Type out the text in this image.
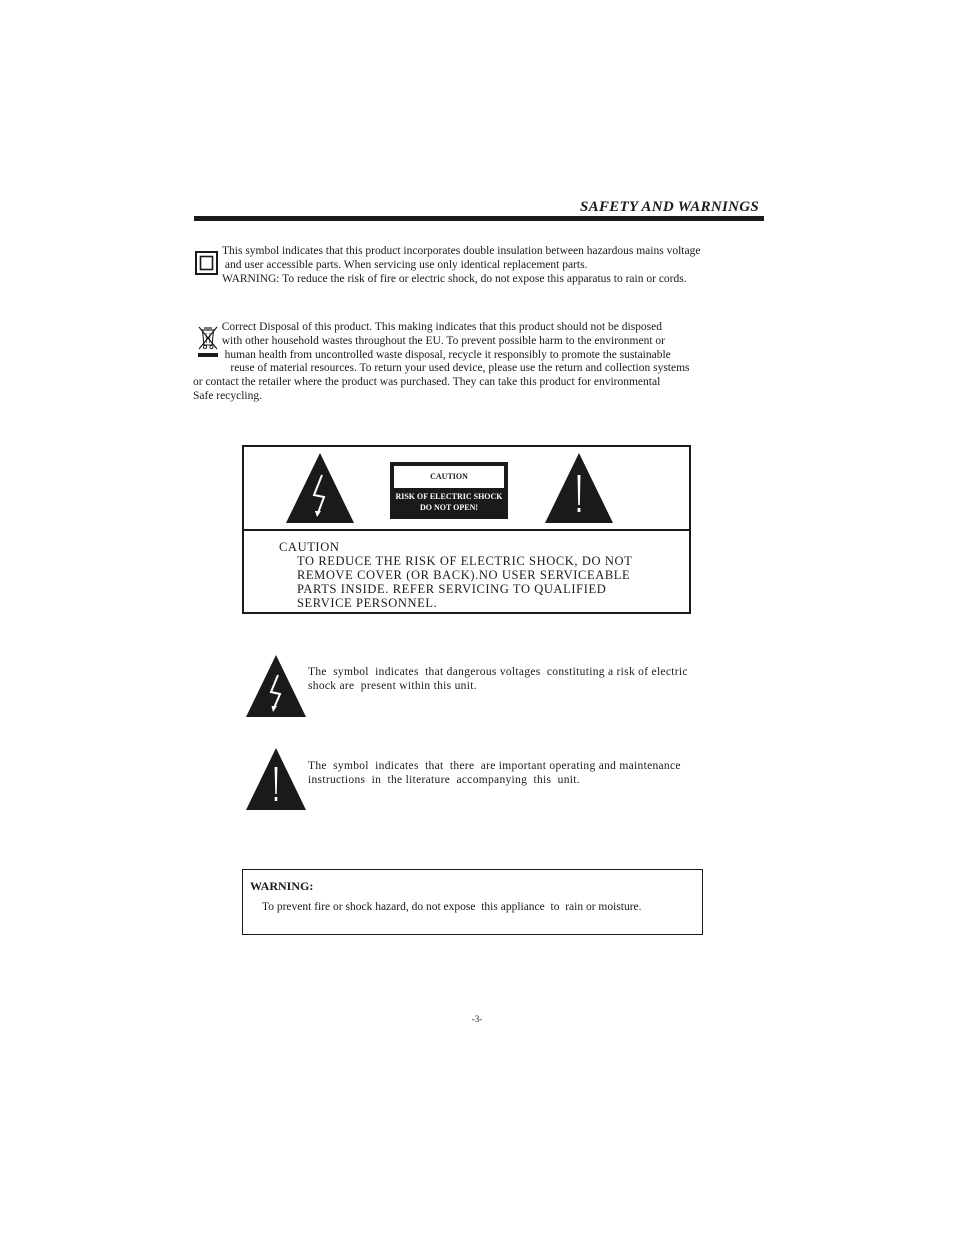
SAFETY AND WARNINGS
This symbol indicates that this product incorporates double insulation between hazardous mains voltage
and user accessible parts. When servicing use only identical replacement parts.
WARNING: To reduce the risk of fire or electric shock, do not expose this apparatus to rain or cords.
Correct Disposal of this product. This making indicates that this product should not be disposed
with other household wastes throughout the EU. To prevent possible harm to the environment or
human health from uncontrolled waste disposal, recycle it responsibly to promote the sustainable
reuse of material resources. To return your used device, please use the return and collection systems
or contact the retailer where the product was purchased. They can take this product for environmental
Safe recycling.
CAUTION
RISK OF ELECTRIC SHOCK
DO NOT OPEN!
CAUTION
TO REDUCE THE RISK OF ELECTRIC SHOCK, DO NOT
REMOVE COVER (OR BACK).NO USER SERVICEABLE
PARTS INSIDE. REFER SERVICING TO QUALIFIED
SERVICE PERSONNEL.
The  symbol  indicates  that dangerous voltages  constituting a risk of electric
shock are  present within this unit.
The  symbol  indicates  that  there  are important operating and maintenance
instructions  in  the literature  accompanying  this  unit.
WARNING:
To prevent fire or shock hazard, do not expose  this appliance  to  rain or moisture.
-3-
